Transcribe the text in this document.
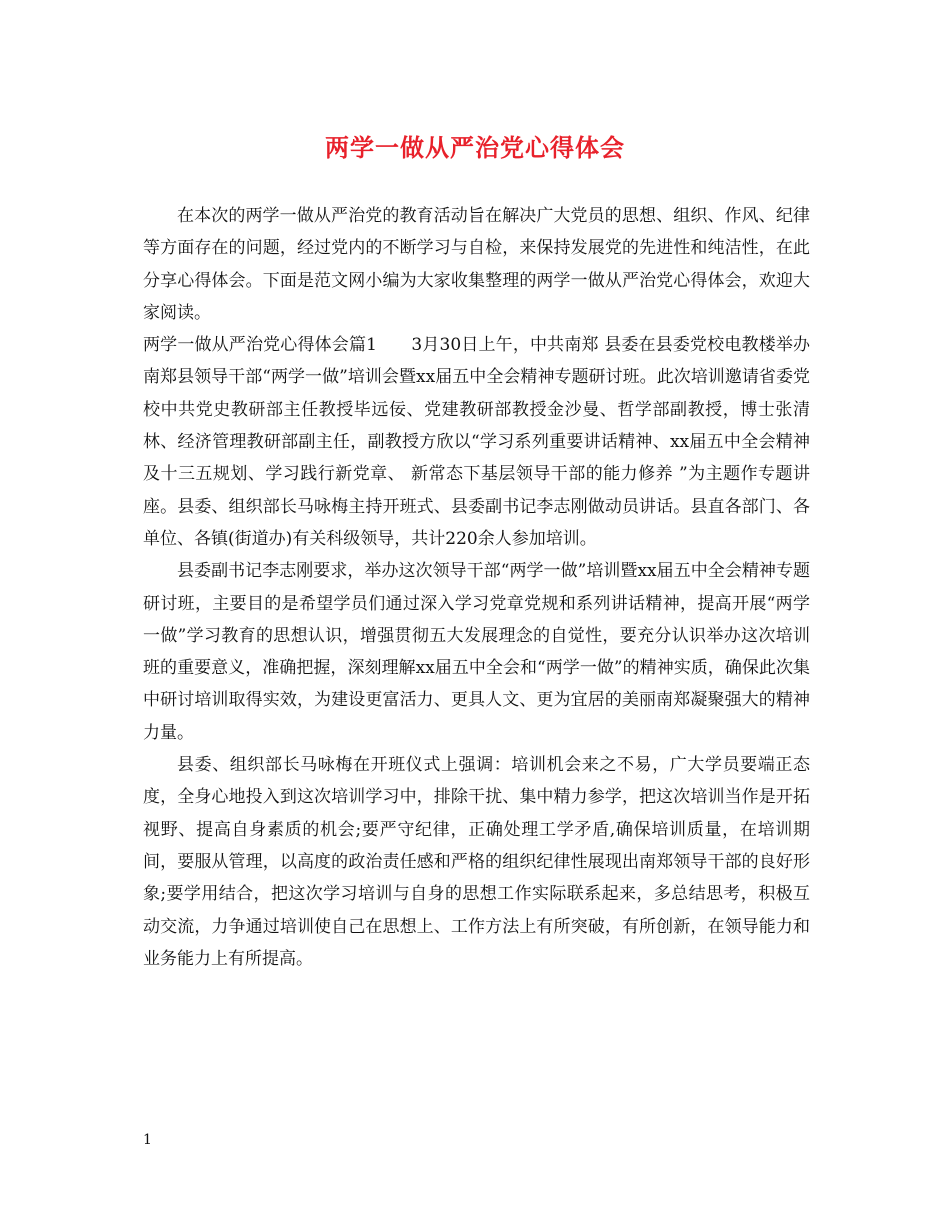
两学一做从严治党心得体会

在本次的两学一做从严治党的教育活动旨在解决广大党员的思想、组织、作风、纪律等方面存在的问题，经过党内的不断学习与自检，来保持发展党的先进性和纯洁性，在此分享心得体会。下面是范文网小编为大家收集整理的两学一做从严治党心得体会，欢迎大家阅读。

两学一做从严治党心得体会篇1　　3月30日上午，中共南郑 县委在县委党校电教楼举办南郑县领导干部“两学一做”培训会暨xx届五中全会精神专题研讨班。此次培训邀请省委党校中共党史教研部主任教授毕远佞、党建教研部教授金沙曼、哲学部副教授，博士张清林、经济管理教研部副主任，副教授方欣以“学习系列重要讲话精神、xx届五中全会精神及十三五规划、学习践行新党章、 新常态下基层领导干部的能力修养 ”为主题作专题讲座。县委、组织部长马咏梅主持开班式、县委副书记李志刚做动员讲话。县直各部门、各单位、各镇(街道办)有关科级领导，共计220余人参加培训。

县委副书记李志刚要求，举办这次领导干部“两学一做”培训暨xx届五中全会精神专题研讨班，主要目的是希望学员们通过深入学习党章党规和系列讲话精神，提高开展“两学一做”学习教育的思想认识，增强贯彻五大发展理念的自觉性，要充分认识举办这次培训班的重要意义，准确把握，深刻理解xx届五中全会和“两学一做”的精神实质，确保此次集中研讨培训取得实效，为建设更富活力、更具人文、更为宜居的美丽南郑凝聚强大的精神力量。

县委、组织部长马咏梅在开班仪式上强调：培训机会来之不易，广大学员要端正态度，全身心地投入到这次培训学习中，排除干扰、集中精力参学，把这次培训当作是开拓视野、提高自身素质的机会;要严守纪律，正确处理工学矛盾,确保培训质量，在培训期间，要服从管理，以高度的政治责任感和严格的组织纪律性展现出南郑领导干部的良好形象;要学用结合，把这次学习培训与自身的思想工作实际联系起来，多总结思考，积极互动交流，力争通过培训使自己在思想上、工作方法上有所突破，有所创新，在领导能力和业务能力上有所提高。

1
